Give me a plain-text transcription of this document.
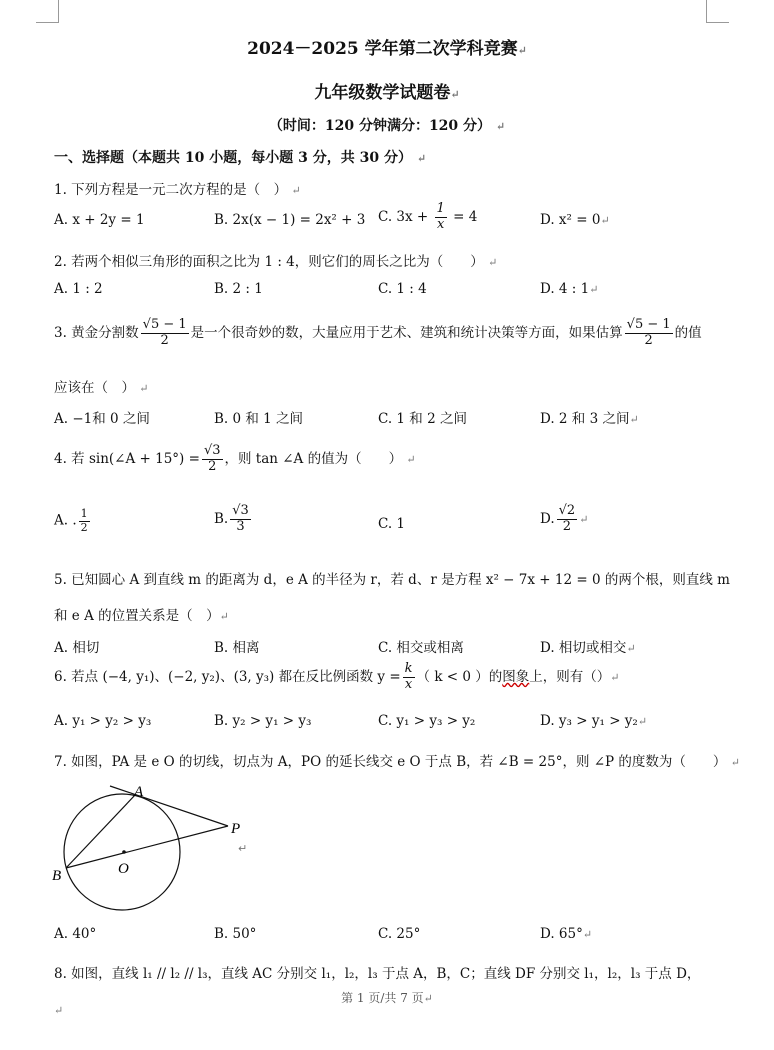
2024－2025 学年第二次学科竞赛↵
九年级数学试题卷↵
（时间：120 分钟满分：120 分） ↵
一、选择题（本题共 10 小题，每小题 3 分，共 30 分） ↵
1. 下列方程是一元二次方程的是（　） ↵
A. x + 2y = 1	B. 2x(x − 1) = 2x² + 3 C. $3x + \frac{1}{x} = 4$	D. x² = 0↵
2. 若两个相似三角形的面积之比为 1 : 4，则它们的周长之比为（　　） ↵
A. 1 : 2	B. 2 : 1	C. 1 : 4	D. 4 : 1↵
3. 黄金分割数 $\frac{√5 - 1}{2}$ 是一个很奇妙的数，大量应用于艺术、建筑和统计决策等方面，如果估算 $\frac{√5 - 1}{2}$ 的值
应该在（　） ↵
A. −1和 0 之间	B. 0 和 1 之间	C. 1 和 2 之间	D. 2 和 3 之间↵
4. 若 sin(∠A + $15^\circ) = \frac{√3}{2}$ ，则 tan ∠A 的值为（　　） ↵
A. . $\frac{1}{2}$	B. $\frac{√3}{3}$	C. 1	D. $\frac{√2}{2}$ ↵
5. 已知圆心 A 到直线 m 的距离为 d，e A 的半径为 r，若 d、r 是方程 x² − 7x + 12 = 0 的两个根，则直线 m
和 e A 的位置关系是（　）↵
A. 相切	B. 相离	C. 相交或相离	D. 相切或相交↵
6. 若点 (−4, y₁)、(−2, y₂)、(3, y₃) 都在反比例函数 $y = \frac{k}{x}$ （ k < 0 ）的图象上，则有（）↵
A. y₁ > y₂ > y₃	B. y₂ > y₁ > y₃	C. y₁ > y₃ > y₂	D. y₃ > y₁ > y₂↵
7. 如图，PA 是 e O 的切线，切点为 A，PO 的延长线交 e O 于点 B，若 ∠B = 25°，则 ∠P 的度数为（　　） ↵
A
B	O
P
↵
A. 40°	B. 50°	C. 25°	D. 65°↵
8. 如图，直线 l₁ // l₂ // l₃，直线 AC 分别交 l₁，l₂，l₃ 于点 A，B，C；直线 DF 分别交 l₁，l₂，l₃ 于点 D，
第 1 页/共 7 页↵
↵
